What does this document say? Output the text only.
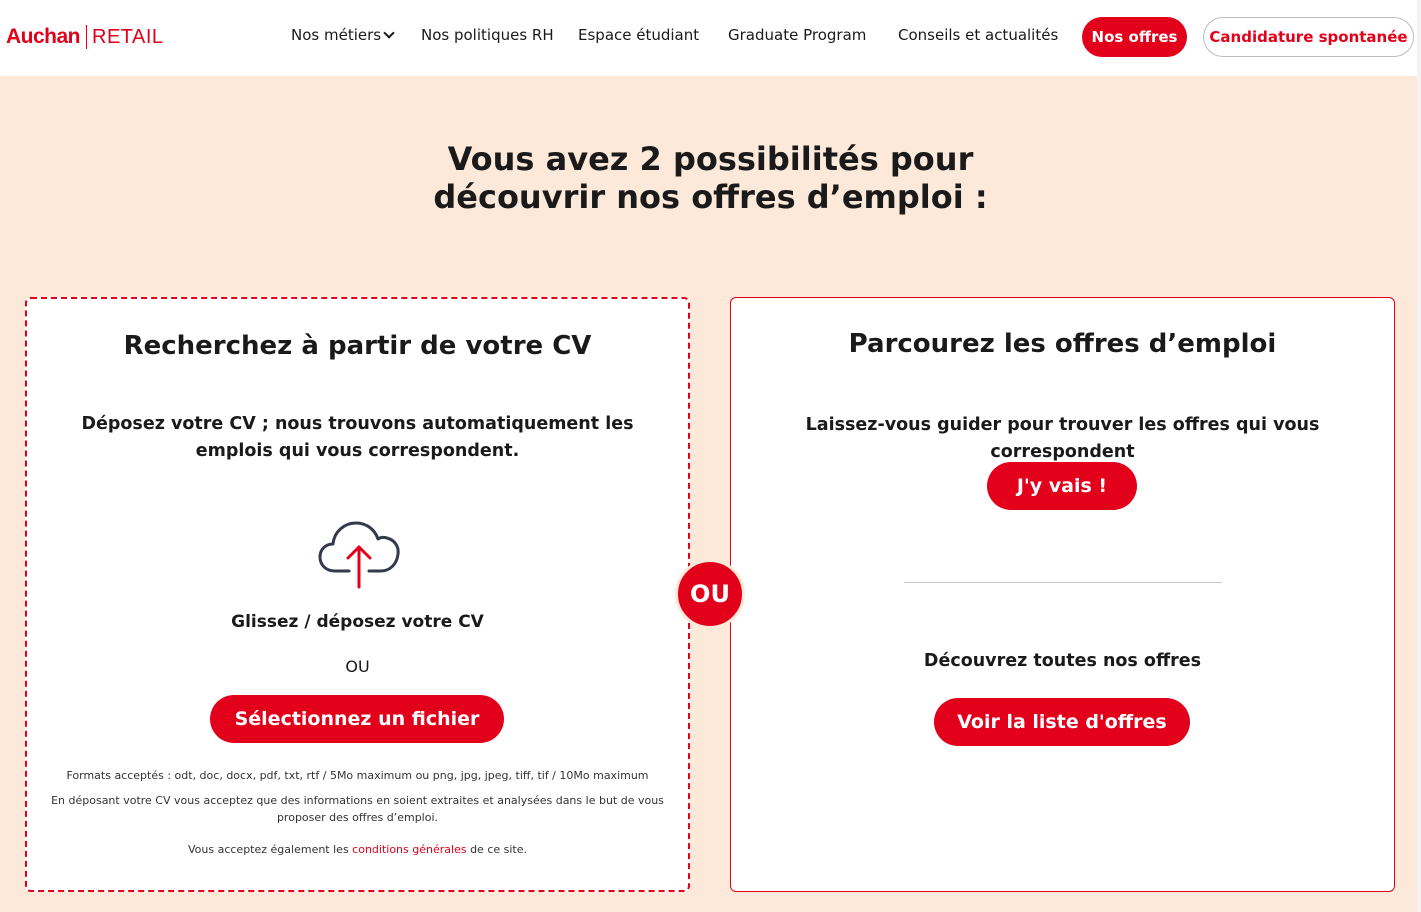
Auchan RETAIL	Nos métiers	Nos politiques RH Espace étudiant Graduate Program Conseils et actualités	Nos offres	Candidature spontanée
Vous avez 2 possibilités pour
découvrir nos offres d’emploi :
Recherchez à partir de votre CV
Déposez votre CV ; nous trouvons automatiquement les emplois qui vous correspondent.
Glissez / déposez votre CV
OU
Sélectionnez un fichier
Formats acceptés : odt, doc, docx, pdf, txt, rtf / 5Mo maximum ou png, jpg, jpeg, tiff, tif / 10Mo maximum
En déposant votre CV vous acceptez que des informations en soient extraites et analysées dans le but de vous proposer des offres d’emploi.
Vous acceptez également les conditions générales de ce site.
Parcourez les offres d’emploi
Laissez-vous guider pour trouver les offres qui vous correspondent
J'y vais !
Découvrez toutes nos offres
Voir la liste d'offres
OU
